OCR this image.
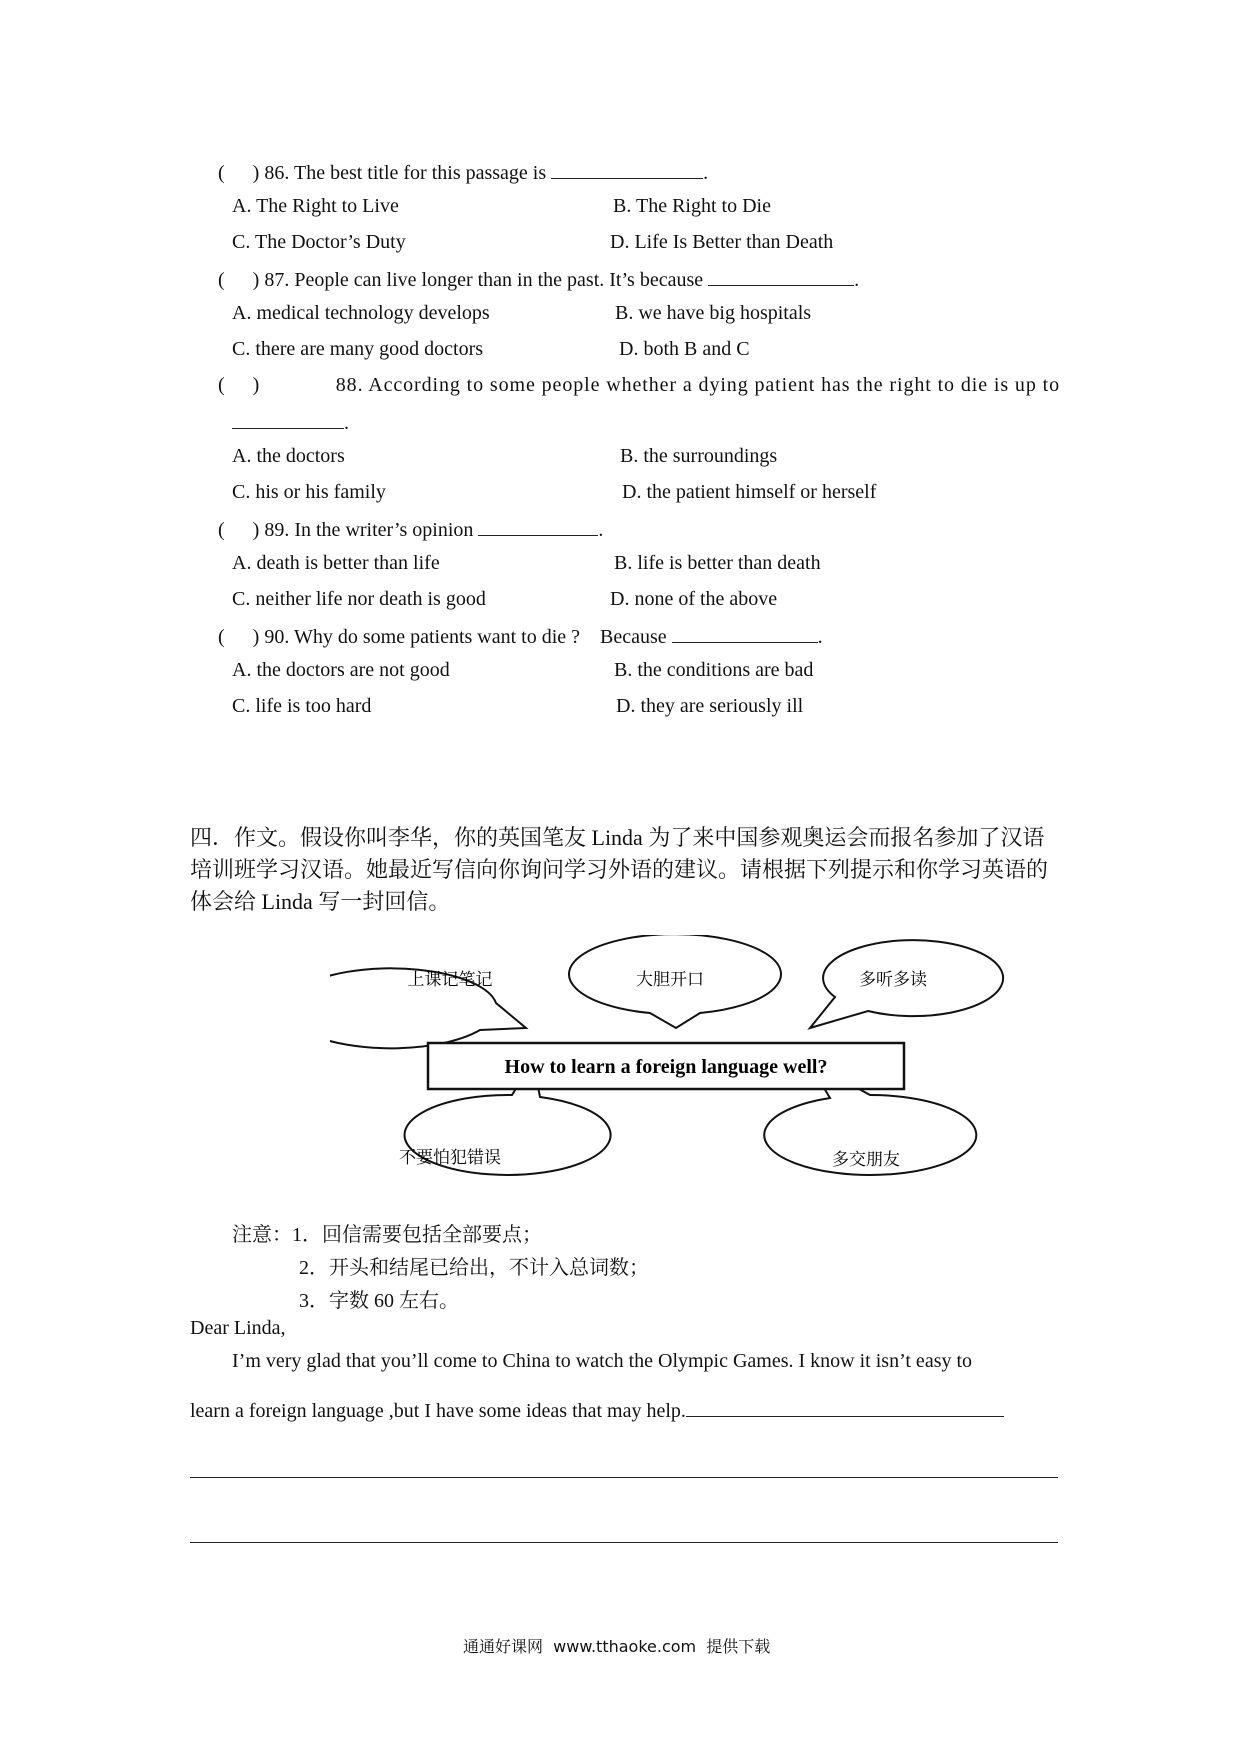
( ) 86. The best title for this passage is	.
A. The Right to Live	B. The Right to Die
C. The Doctor’s Duty	D. Life Is Better than Death
( ) 87. People can live longer than in the past. It’s because	.
A. medical technology develops	B. we have big hospitals
C. there are many good doctors	D. both B and C
( )	88. According to some people whether a dying patient has the right to die is up to
.
A. the doctors	B. the surroundings
C. his or his family	D. the patient himself or herself
( ) 89. In the writer’s opinion	.
A. death is better than life	B. life is better than death
C. neither life nor death is good	D. none of the above
( ) 90. Why do some patients want to die ?    Because	.
A. the doctors are not good	B. the conditions are bad
C. life is too hard	D. they are seriously ill
四．作文。假设你叫李华，你的英国笔友 Linda 为了来中国参观奥运会而报名参加了汉语培训班学习汉语。她最近写信向你询问学习外语的建议。请根据下列提示和你学习英语的体会给 Linda 写一封回信。
How to learn a foreign language well?
上课记笔记	大胆开口	多听多读
不要怕犯错误	多交朋友
注意：1．回信需要包括全部要点；
2．开头和结尾已给出，不计入总词数；
3．字数 60 左右。
Dear Linda,
I’m very glad that you’ll come to China to watch the Olympic Games. I know it isn’t easy to
learn a foreign language ,but I have some ideas that may help.
通通好课网  www.tthaoke.com  提供下载
